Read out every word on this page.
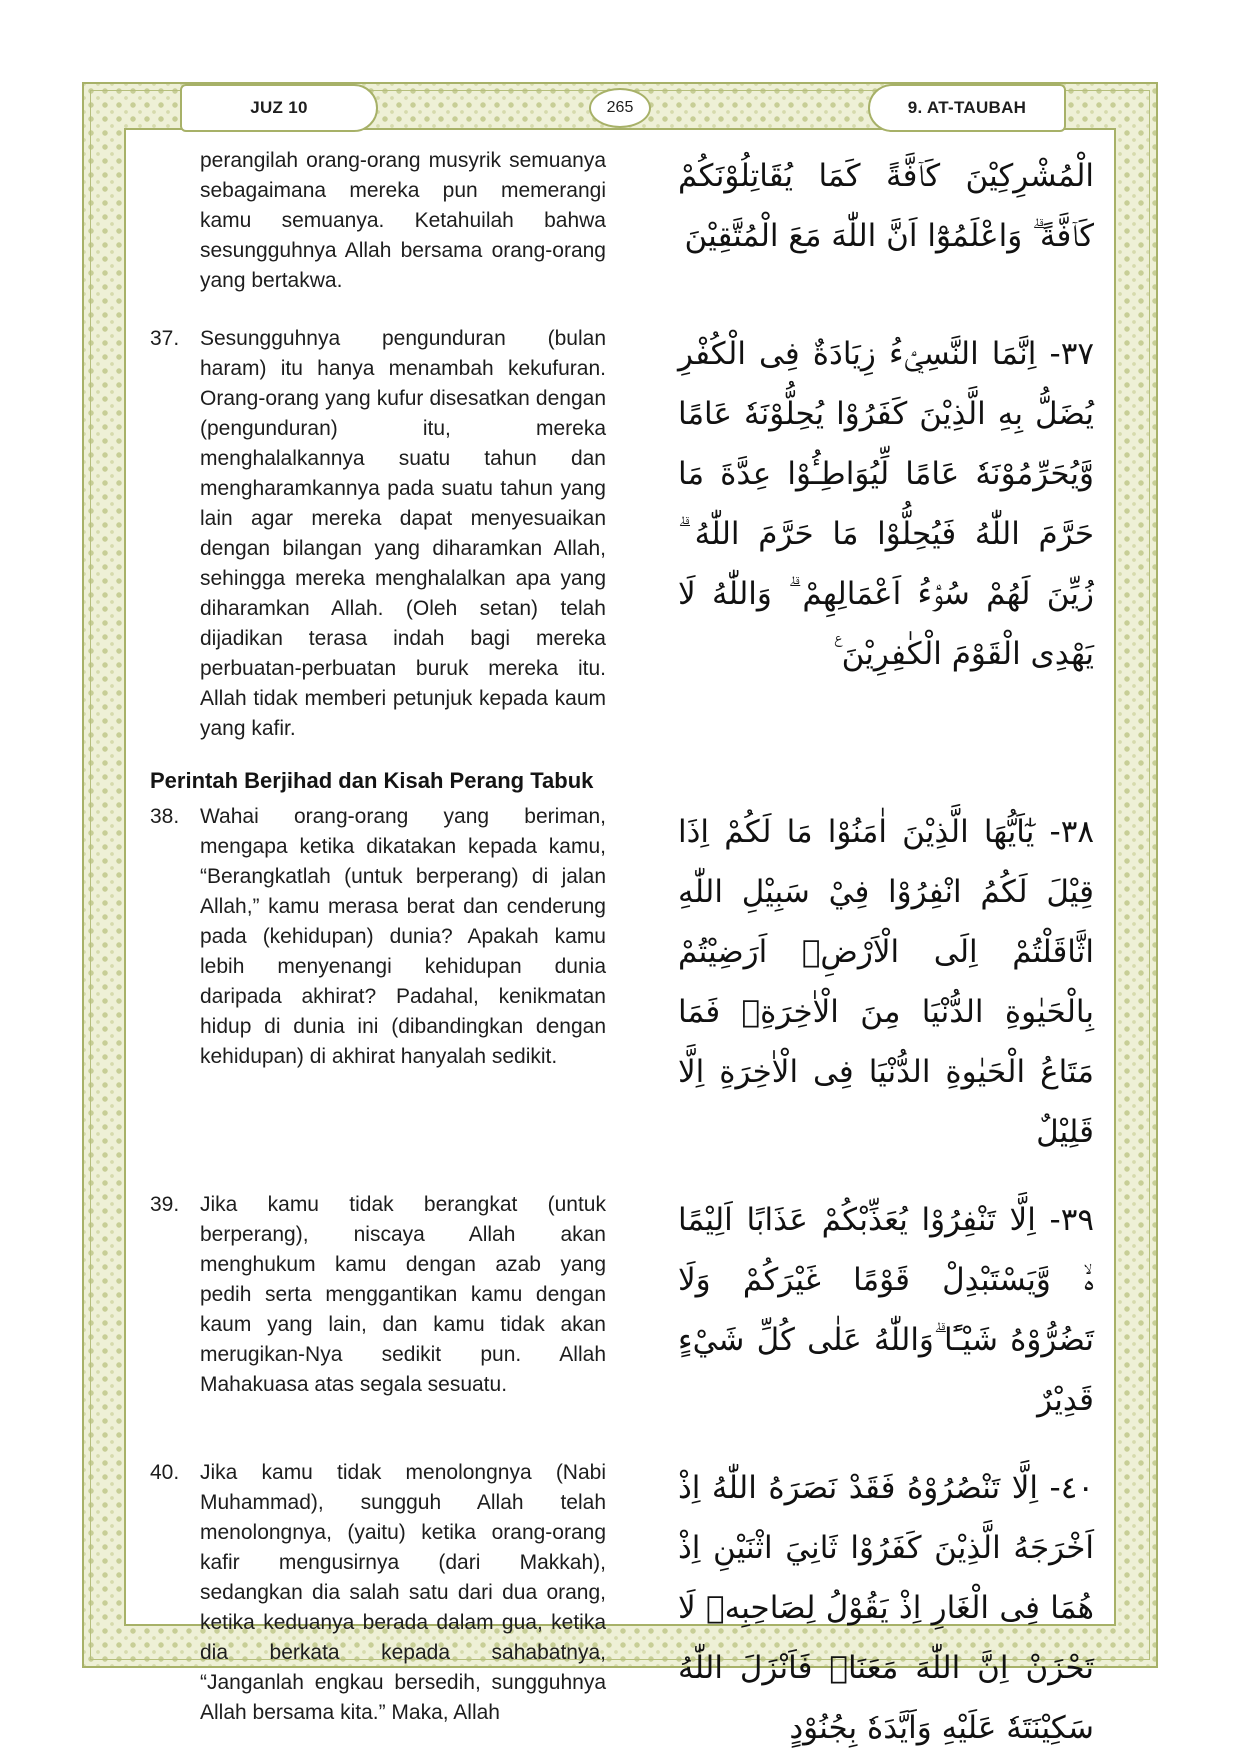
JUZ 10	265	9. AT-TAUBAH
perangilah orang-orang musyrik semuanya sebagaimana mereka pun memerangi kamu semuanya. Ketahuilah bahwa sesungguhnya Allah bersama orang-orang yang bertakwa.
الْمُشْرِكِيْنَ كَاۤفَّةً كَمَا يُقَاتِلُوْنَكُمْ كَاۤفَّةً ۗ وَاعْلَمُوْٓا اَنَّ اللّٰهَ مَعَ الْمُتَّقِيْنَ
37. Sesungguhnya pengunduran (bulan haram) itu hanya menambah kekufuran. Orang-orang yang kufur disesatkan dengan (pengunduran) itu, mereka menghalalkannya suatu tahun dan mengharamkannya pada suatu tahun yang lain agar mereka dapat menyesuaikan dengan bilangan yang diharamkan Allah, sehingga mereka menghalalkan apa yang diharamkan Allah. (Oleh setan) telah dijadikan terasa indah bagi mereka perbuatan-perbuatan buruk mereka itu. Allah tidak memberi petunjuk kepada kaum yang kafir.
٣٧- اِنَّمَا النَّسِيْۤءُ زِيَادَةٌ فِى الْكُفْرِ يُضَلُّ بِهِ الَّذِيْنَ كَفَرُوْا يُحِلُّوْنَهٗ عَامًا وَّيُحَرِّمُوْنَهٗ عَامًا لِّيُوَاطِـُٔوْا عِدَّةَ مَا حَرَّمَ اللّٰهُ فَيُحِلُّوْا مَا حَرَّمَ اللّٰهُ ۗ زُيِّنَ لَهُمْ سُوْۤءُ اَعْمَالِهِمْ ۗ وَاللّٰهُ لَا يَهْدِى الْقَوْمَ الْكٰفِرِيْنَ ࣖ
Perintah Berjihad dan Kisah Perang Tabuk
38. Wahai orang-orang yang beriman, mengapa ketika dikatakan kepada kamu, “Berangkatlah (untuk berperang) di jalan Allah,” kamu merasa berat dan cenderung pada (kehidupan) dunia? Apakah kamu lebih menyenangi kehidupan dunia daripada akhirat? Padahal, kenikmatan hidup di dunia ini (dibandingkan dengan kehidupan) di akhirat hanyalah sedikit.
٣٨- يٰٓاَيُّهَا الَّذِيْنَ اٰمَنُوْا مَا لَكُمْ اِذَا قِيْلَ لَكُمُ انْفِرُوْا فِيْ سَبِيْلِ اللّٰهِ اثَّاقَلْتُمْ اِلَى الْاَرْضِۗ اَرَضِيْتُمْ بِالْحَيٰوةِ الدُّنْيَا مِنَ الْاٰخِرَةِۚ فَمَا مَتَاعُ الْحَيٰوةِ الدُّنْيَا فِى الْاٰخِرَةِ اِلَّا قَلِيْلٌ
39. Jika kamu tidak berangkat (untuk berperang), niscaya Allah akan menghukum kamu dengan azab yang pedih serta menggantikan kamu dengan kaum yang lain, dan kamu tidak akan merugikan-Nya sedikit pun. Allah Mahakuasa atas segala sesuatu.
٣٩- اِلَّا تَنْفِرُوْا يُعَذِّبْكُمْ عَذَابًا اَلِيْمًا ەۙ وَّيَسْتَبْدِلْ قَوْمًا غَيْرَكُمْ وَلَا تَضُرُّوْهُ شَيْـًٔا ۗوَاللّٰهُ عَلٰى كُلِّ شَيْءٍ قَدِيْرٌ
40. Jika kamu tidak menolongnya (Nabi Muhammad), sungguh Allah telah menolongnya, (yaitu) ketika orang-orang kafir mengusirnya (dari Makkah), sedangkan dia salah satu dari dua orang, ketika keduanya berada dalam gua, ketika dia berkata kepada sahabatnya, “Janganlah engkau bersedih, sungguhnya Allah bersama kita.” Maka, Allah
٤٠- اِلَّا تَنْصُرُوْهُ فَقَدْ نَصَرَهُ اللّٰهُ اِذْ اَخْرَجَهُ الَّذِيْنَ كَفَرُوْا ثَانِيَ اثْنَيْنِ اِذْ هُمَا فِى الْغَارِ اِذْ يَقُوْلُ لِصَاحِبِهٖ لَا تَحْزَنْ اِنَّ اللّٰهَ مَعَنَاۚ فَاَنْزَلَ اللّٰهُ سَكِيْنَتَهٗ عَلَيْهِ وَاَيَّدَهٗ بِجُنُوْدٍ
